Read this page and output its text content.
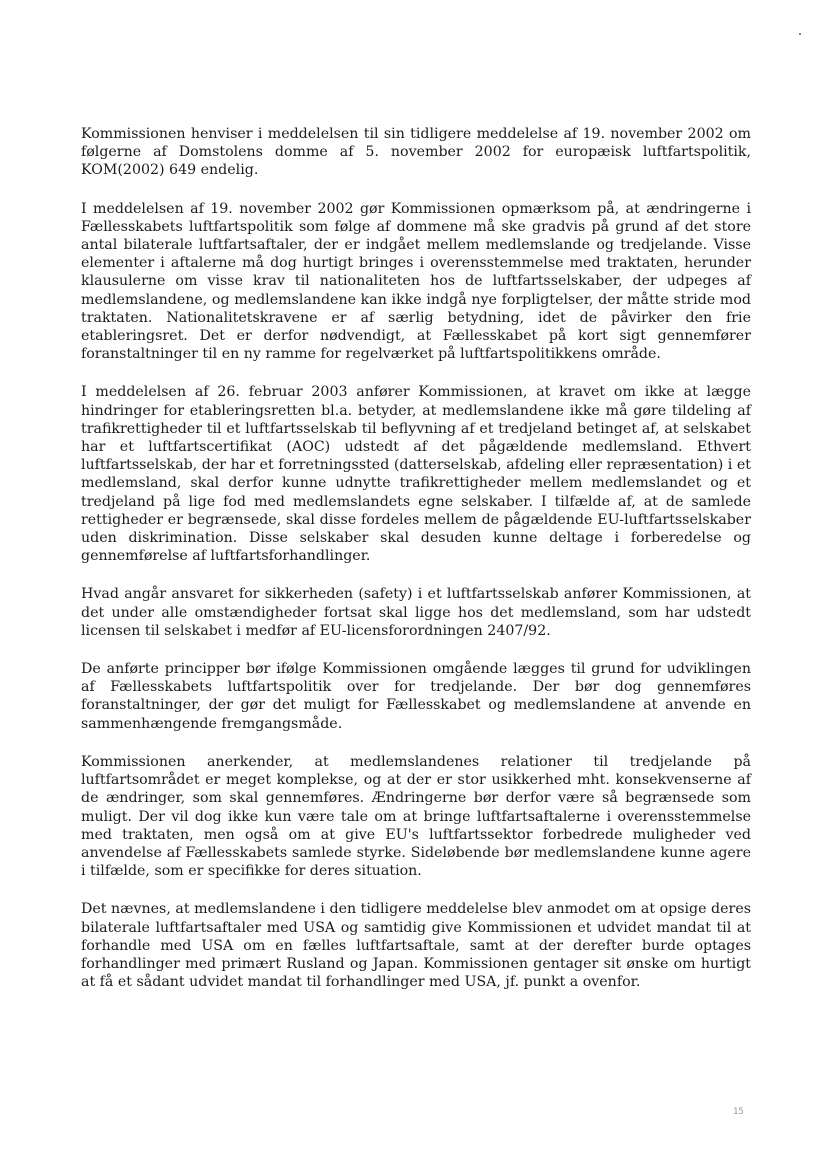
Kommissionen henviser i meddelelsen til sin tidligere meddelelse af 19. november 2002 om følgerne af Domstolens domme af 5. november 2002 for europæisk luftfartspolitik, KOM(2002) 649 endelig.

I meddelelsen af 19. november 2002 gør Kommissionen opmærksom på, at ændringerne i Fællesskabets luftfartspolitik som følge af dommene må ske gradvis på grund af det store antal bilaterale luftfartsaftaler, der er indgået mellem medlemslande og tredjelande. Visse elementer i aftalerne må dog hurtigt bringes i overensstemmelse med traktaten, herunder klausulerne om visse krav til nationaliteten hos de luftfartsselskaber, der udpeges af medlemslandene, og medlemslandene kan ikke indgå nye forpligtelser, der måtte stride mod traktaten. Nationalitetskravene er af særlig betydning, idet de påvirker den frie etableringsret. Det er derfor nødvendigt, at Fællesskabet på kort sigt gennemfører foranstaltninger til en ny ramme for regelværket på luftfartspolitikkens område.

I meddelelsen af 26. februar 2003 anfører Kommissionen, at kravet om ikke at lægge hindringer for etableringsretten bl.a. betyder, at medlemslandene ikke må gøre tildeling af trafikrettigheder til et luftfartsselskab til beflyvning af et tredjeland betinget af, at selskabet har et luftfartscertifikat (AOC) udstedt af det pågældende medlemsland. Ethvert luftfartsselskab, der har et forretningssted (datterselskab, afdeling eller repræsentation) i et medlemsland, skal derfor kunne udnytte trafikrettigheder mellem medlemslandet og et tredjeland på lige fod med medlemslandets egne selskaber. I tilfælde af, at de samlede rettigheder er begrænsede, skal disse fordeles mellem de pågældende EU-luftfartsselskaber uden diskrimination. Disse selskaber skal desuden kunne deltage i forberedelse og gennemførelse af luftfartsforhandlinger.

Hvad angår ansvaret for sikkerheden (safety) i et luftfartsselskab anfører Kommissionen, at det under alle omstændigheder fortsat skal ligge hos det medlemsland, som har udstedt licensen til selskabet i medfør af EU-licensforordningen 2407/92.

De anførte principper bør ifølge Kommissionen omgående lægges til grund for udviklingen af Fællesskabets luftfartspolitik over for tredjelande. Der bør dog gennemføres foranstaltninger, der gør det muligt for Fællesskabet og medlemslandene at anvende en sammenhængende fremgangsmåde.

Kommissionen anerkender, at medlemslandenes relationer til tredjelande på luftfartsområdet er meget komplekse, og at der er stor usikkerhed mht. konsekvenserne af de ændringer, som skal gennemføres. Ændringerne bør derfor være så begrænsede som muligt. Der vil dog ikke kun være tale om at bringe luftfartsaftalerne i overensstemmelse med traktaten, men også om at give EU's luftfartssektor forbedrede muligheder ved anvendelse af Fællesskabets samlede styrke. Sideløbende bør medlemslandene kunne agere i tilfælde, som er specifikke for deres situation.

Det nævnes, at medlemslandene i den tidligere meddelelse blev anmodet om at opsige deres bilaterale luftfartsaftaler med USA og samtidig give Kommissionen et udvidet mandat til at forhandle med USA om en fælles luftfartsaftale, samt at der derefter burde optages forhandlinger med primært Rusland og Japan. Kommissionen gentager sit ønske om hurtigt at få et sådant udvidet mandat til forhandlinger med USA, jf. punkt a ovenfor.

15
